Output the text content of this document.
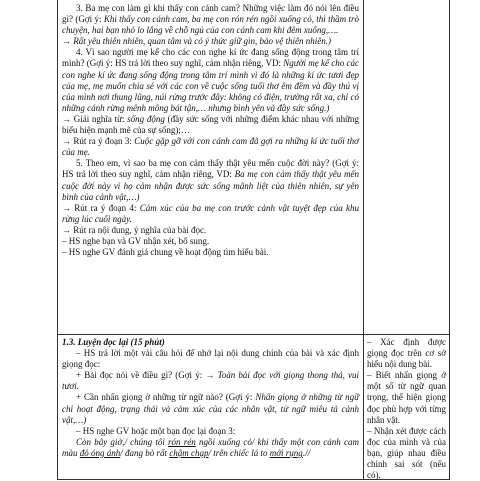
3. Ba mẹ con làm gì khi thấy con cánh cam? Những việc làm đó nói lên điều gì? (Gợi ý: Khi thấy con cánh cam, ba mẹ con rón rén ngồi xuống cỏ, thì thầm trò chuyện, hai bạn nhỏ lo lắng về chỗ ngủ của con cánh cam khi đêm xuống,….

→ Rất yêu thiên nhiên, quan tâm và có ý thức giữ gìn, bảo vệ thiên nhiên.)

4. Vì sao người mẹ kể cho các con nghe kí ức đang sống động trong tâm trí mình? (Gợi ý: HS trả lời theo suy nghĩ, cảm nhận riêng, VD: Người mẹ kể cho các con nghe kí ức đang sống động trong tâm trí mình vì đó là những kí ức tươi đẹp của mẹ, mẹ muốn chia sẻ với các con về cuộc sống tuổi thơ êm đềm và đầy thú vị của mình nơi thung lũng, núi rừng trước đây: không có điện, trường rất xa, chỉ có những cánh rừng mênh mông bát tận,… nhưng bình yên và đầy sức sống.)

→ Giải nghĩa từ: sống động (đầy sức sống với những điểm khác nhau với những biểu hiện mạnh mẽ của sự sống);…

→ Rút ra ý đoạn 3: Cuộc gặp gỡ với con cánh cam đã gợi ra những kí ức tuổi thơ của mẹ.

5. Theo em, vì sao ba mẹ con cảm thấy thật yêu mến cuộc đời này? (Gợi ý: HS trả lời theo suy nghĩ, cảm nhận riêng, VD: Ba mẹ con cảm thấy thật yêu mến cuộc đời này vì họ cảm nhận được sức sống mãnh liệt của thiên nhiên, sự yên bình của cảnh vật,…)

→ Rút ra ý đoạn 4: Cảm xúc của ba mẹ con trước cảnh vật tuyệt đẹp của khu rừng lúc cuối ngày.

→ Rút ra nội dung, ý nghĩa của bài đọc.

– HS nghe bạn và GV nhận xét, bổ sung.

– HS nghe GV đánh giá chung về hoạt động tìm hiểu bài.

1.3. Luyện đọc lại (15 phút)

– HS trả lời một vài câu hỏi để nhớ lại nội dung chính của bài và xác định giọng đọc:

+ Bài đọc nói về điều gì? (Gợi ý: → Toàn bài đọc với giọng thong thả, vui tươi.

+ Cần nhấn giọng ở những từ ngữ nào? (Gợi ý: Nhấn giọng ở những từ ngữ chỉ hoạt động, trạng thái và cảm xúc của các nhân vật, từ ngữ miêu tả cảnh vật,…)

– HS nghe GV hoặc một bạn đọc lại đoạn 3:

Còn bây giờ,/ chúng tôi rón rén ngồi xuống cỏ/ khi thấy một con cánh cam màu đỏ óng ánh/ đang bò rất chậm chạp/ trên chiếc lá to mới rụng.//

– Xác định được giọng đọc trên cơ sở hiểu nội dung bài.

– Biết nhấn giọng ở một số từ ngữ quan trọng, thể hiện giọng đọc phù hợp với từng nhân vật.

– Nhận xét được cách đọc của mình và của bạn, giúp nhau điều chỉnh sai sót (nếu có).
